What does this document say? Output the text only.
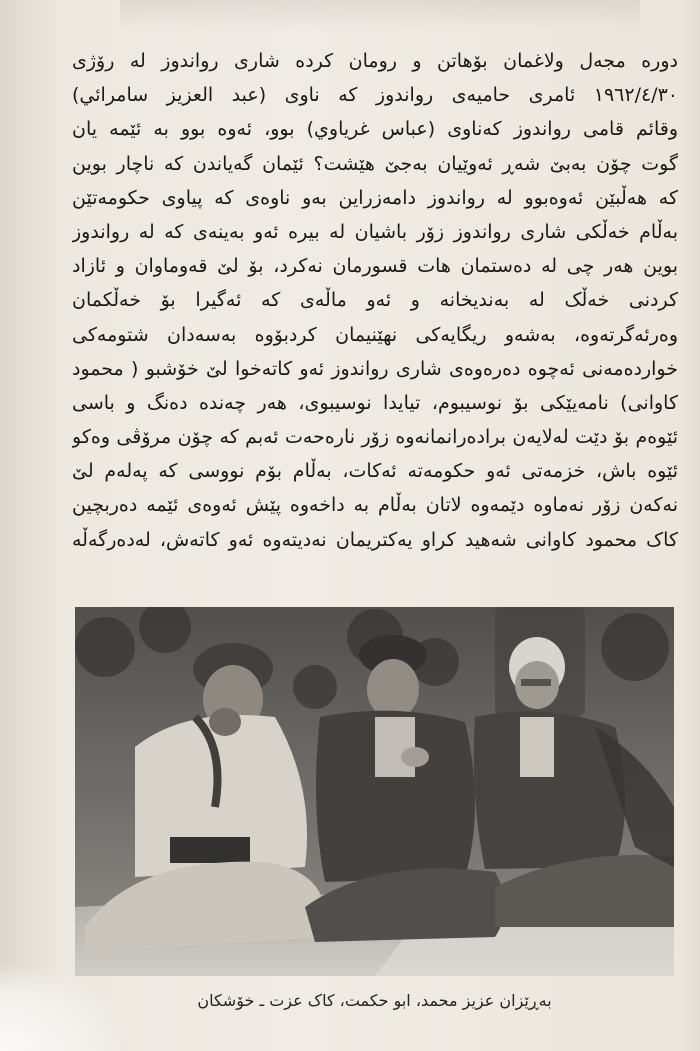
دوره مجەل ولاغمان بۆهاتن و رومان کرده شاری رواندوز له رۆژی
١٩٦٢/٤/٣٠ ئامری حامیەی رواندوز کە ناوی (عبد العزيز سامرائي)
وقائم قامی رواندوز کەناوی (عباس غرياوي) بوو، ئەوە بوو بە ئێمە یان
گوت چۆن بەبێ شەڕ ئەوێیان بەجێ هێشت؟ ئێمان گەیاندن کە ناچار بوین
کە هەڵبێن ئەوەبوو لە رواندوز دامەزراین بەو ناوەی کە پیاوی حکومەتێن
بەڵام خەڵکی شاری رواندوز زۆر باشیان لە بیرە ئەو بەینەی کە لە رواندوز
بوین هەر چی لە دەستمان هات قسورمان نەکرد، بۆ لێ قەوماوان و ئازاد
کردنی خەڵک لە بەندیخانە و ئەو ماڵەی کە ئەگیرا بۆ خەڵکمان
وەرئەگرتەوە، بەشەو ریگایەکی نهێنیمان کردبۆوە بەسەدان شتومەکی
خواردەمەنی ئەچوە دەرەوەی شاری رواندوز ئەو کاتەخوا لێ خۆشبو ( محمود
کاوانی) نامەیێکی بۆ نوسیبوم، تیایدا نوسیبوی، هەر چەندە دەنگ و باسی
ئێوەم بۆ دێت لەلایەن برادەرانمانەوە زۆر نارەحەت ئەبم کە چۆن مرۆڤی وەکو
ئێوە باش، خزمەتی ئەو حکومەتە ئەکات، بەڵام بۆم نووسی کە پەلەم لێ
نەکەن زۆر نەماوە دێمەوە لاتان بەڵام بە داخەوە پێش ئەوەی ئێمە دەربچین
کاک محمود کاوانی شەهید کراو یەکتریمان نەدیتەوە ئەو کاتەش، لەدەرگەڵە
بەڕێزان عزیز محمد، ابو حکمت، کاک عزت ـ خۆشکان
